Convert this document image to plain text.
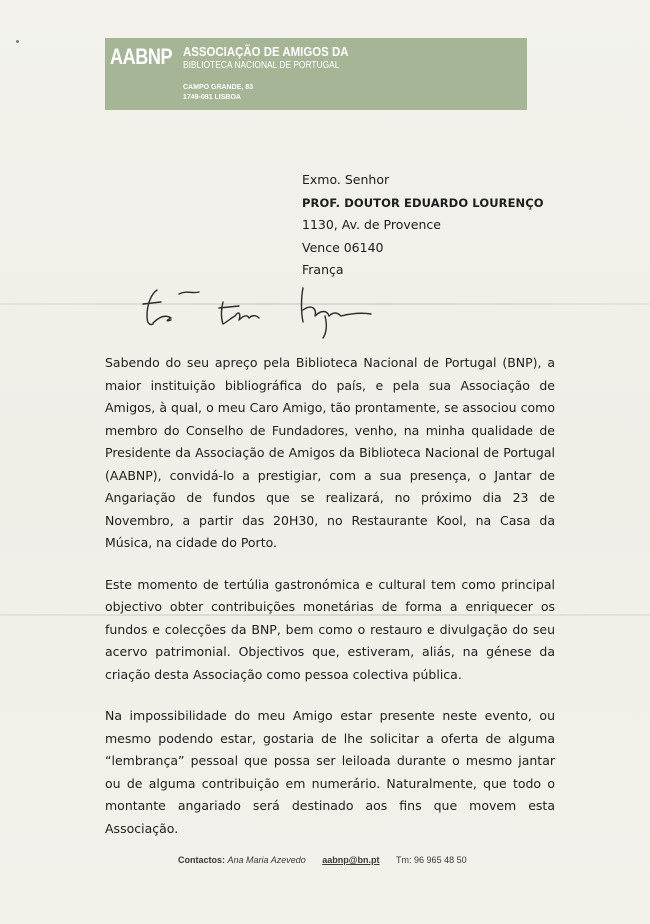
AABNP ASSOCIAÇÃO DE AMIGOS DA
BIBLIOTECA NACIONAL DE PORTUGAL
CAMPO GRANDE, 83
1749-081 LISBOA
Exmo. Senhor
PROF. DOUTOR EDUARDO LOURENÇO
1130, Av. de Provence
Vence 06140
França

Sabendo do seu apreço pela Biblioteca Nacional de Portugal (BNP), a maior instituição bibliográfica do país, e pela sua Associação de Amigos, à qual, o meu Caro Amigo, tão prontamente, se associou como membro do Conselho de Fundadores, venho, na minha qualidade de Presidente da Associação de Amigos da Biblioteca Nacional de Portugal (AABNP), convidá-lo a prestigiar, com a sua presença, o Jantar de Angariação de fundos que se realizará, no próximo dia 23 de Novembro, a partir das 20H30, no Restaurante Kool, na Casa da Música, na cidade do Porto.

Este momento de tertúlia gastronómica e cultural tem como principal objectivo obter contribuições monetárias de forma a enriquecer os fundos e colecções da BNP, bem como o restauro e divulgação do seu acervo patrimonial. Objectivos que, estiveram, aliás, na génese da criação desta Associação como pessoa colectiva pública.

Na impossibilidade do meu Amigo estar presente neste evento, ou mesmo podendo estar, gostaria de lhe solicitar a oferta de alguma “lembrança” pessoal que possa ser leiloada durante o mesmo jantar ou de alguma contribuição em numerário. Naturalmente, que todo o montante angariado será destinado aos fins que movem esta Associação.

Contactos: Ana Maria Azevedo aabnp@bn.pt Tm: 96 965 48 50
